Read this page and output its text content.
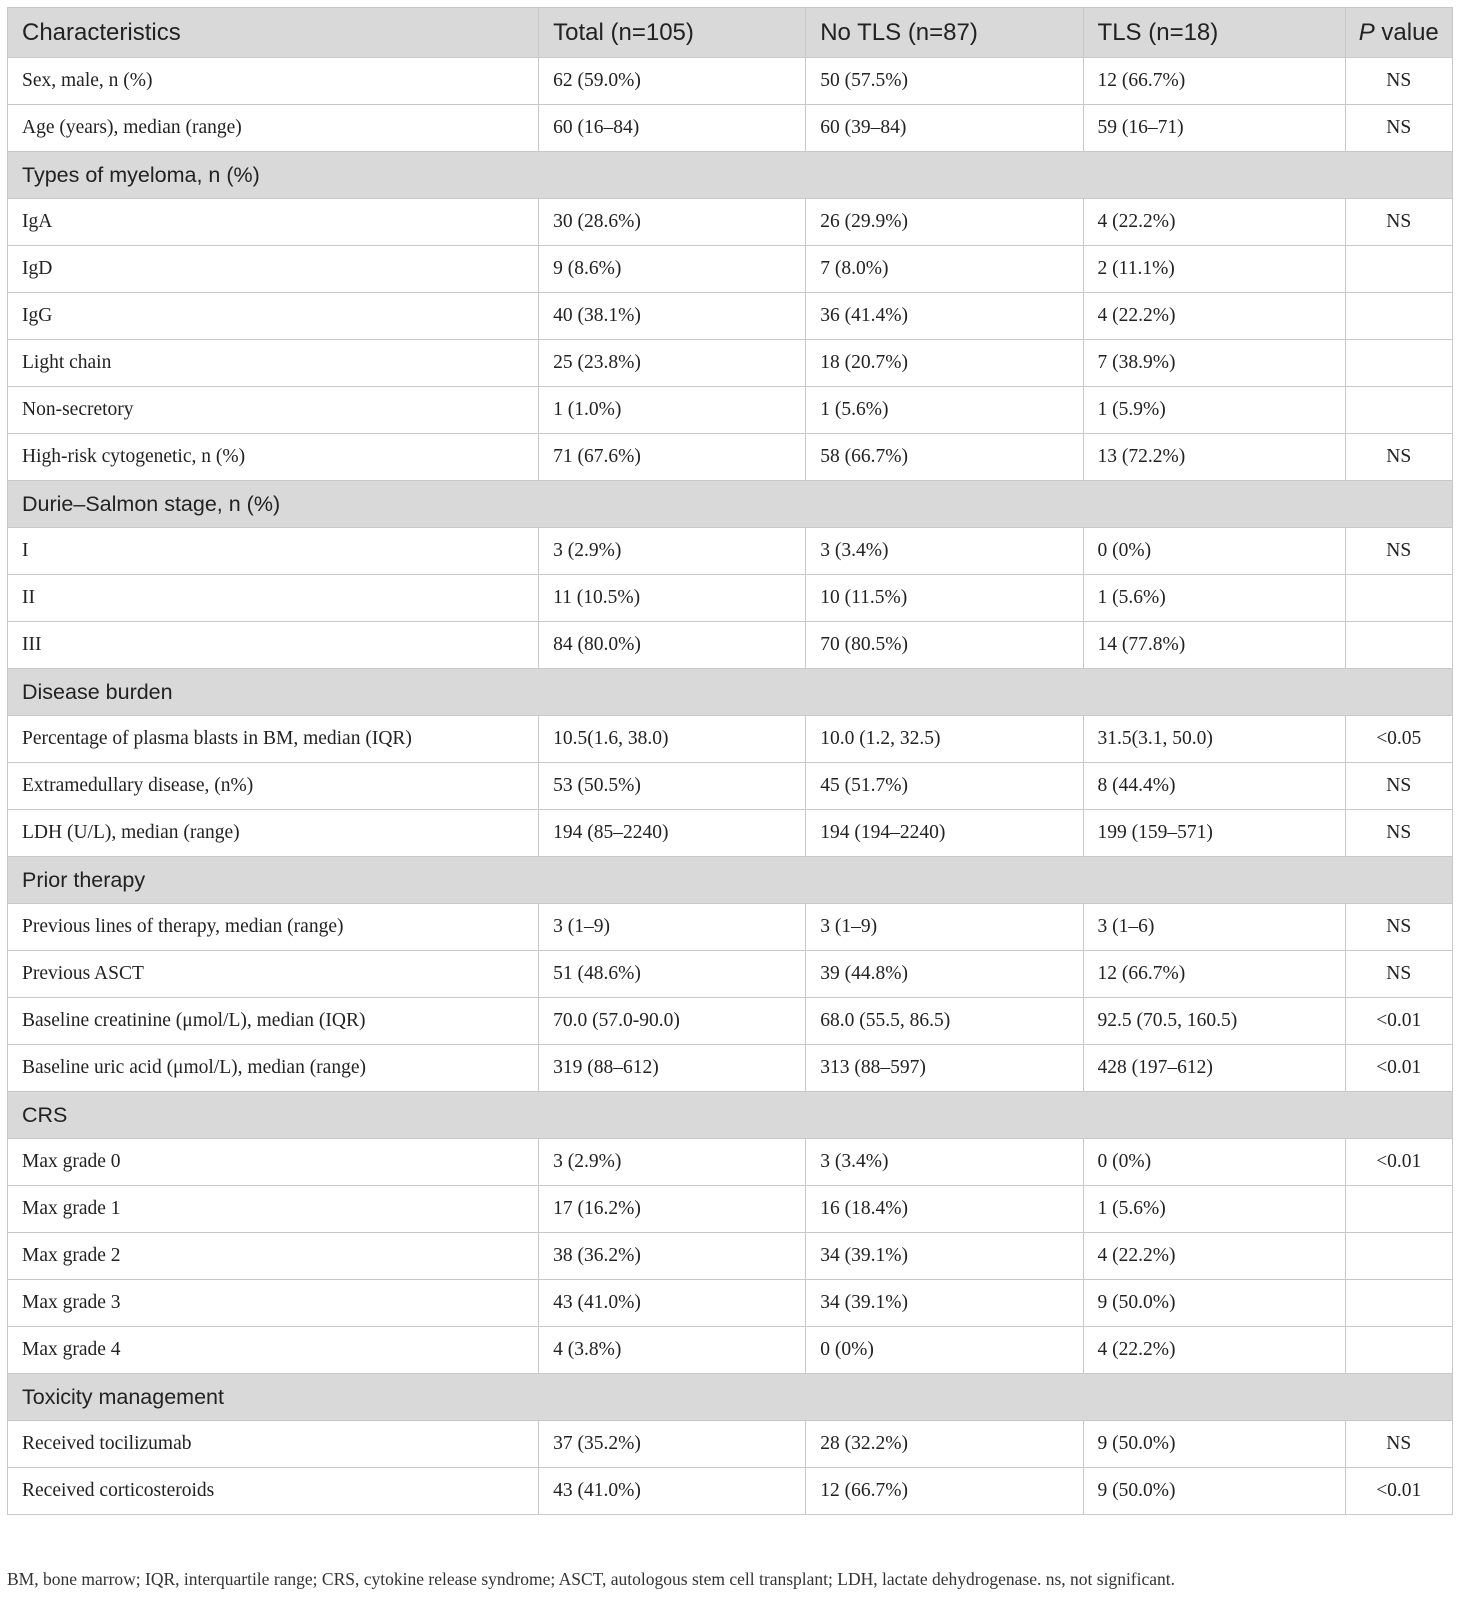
Characteristics	Total (n=105)	No TLS (n=87)	TLS (n=18)	P value
Sex, male, n (%)	62 (59.0%)	50 (57.5%)	12 (66.7%)	NS
Age (years), median (range)	60 (16–84)	60 (39–84)	59 (16–71)	NS
Types of myeloma, n (%)				
IgA	30 (28.6%)	26 (29.9%)	4 (22.2%)	NS
IgD	9 (8.6%)	7 (8.0%)	2 (11.1%)	
IgG	40 (38.1%)	36 (41.4%)	4 (22.2%)	
Light chain	25 (23.8%)	18 (20.7%)	7 (38.9%)	
Non-secretory	1 (1.0%)	1 (5.6%)	1 (5.9%)	
High-risk cytogenetic, n (%)	71 (67.6%)	58 (66.7%)	13 (72.2%)	NS
Durie–Salmon stage, n (%)				
I	3 (2.9%)	3 (3.4%)	0 (0%)	NS
II	11 (10.5%)	10 (11.5%)	1 (5.6%)	
III	84 (80.0%)	70 (80.5%)	14 (77.8%)	
Disease burden				
Percentage of plasma blasts in BM, median (IQR)	10.5(1.6, 38.0)	10.0 (1.2, 32.5)	31.5(3.1, 50.0)	<0.05
Extramedullary disease, (n%)	53 (50.5%)	45 (51.7%)	8 (44.4%)	NS
LDH (U/L), median (range)	194 (85–2240)	194 (194–2240)	199 (159–571)	NS
Prior therapy				
Previous lines of therapy, median (range)	3 (1–9)	3 (1–9)	3 (1–6)	NS
Previous ASCT	51 (48.6%)	39 (44.8%)	12 (66.7%)	NS
Baseline creatinine (μmol/L), median (IQR)	70.0 (57.0-90.0)	68.0 (55.5, 86.5)	92.5 (70.5, 160.5)	<0.01
Baseline uric acid (μmol/L), median (range)	319 (88–612)	313 (88–597)	428 (197–612)	<0.01
CRS				
Max grade 0	3 (2.9%)	3 (3.4%)	0 (0%)	<0.01
Max grade 1	17 (16.2%)	16 (18.4%)	1 (5.6%)	
Max grade 2	38 (36.2%)	34 (39.1%)	4 (22.2%)	
Max grade 3	43 (41.0%)	34 (39.1%)	9 (50.0%)	
Max grade 4	4 (3.8%)	0 (0%)	4 (22.2%)	
Toxicity management				
Received tocilizumab	37 (35.2%)	28 (32.2%)	9 (50.0%)	NS
Received corticosteroids	43 (41.0%)	12 (66.7%)	9 (50.0%)	<0.01
BM, bone marrow; IQR, interquartile range; CRS, cytokine release syndrome; ASCT, autologous stem cell transplant; LDH, lactate dehydrogenase. ns, not significant.
